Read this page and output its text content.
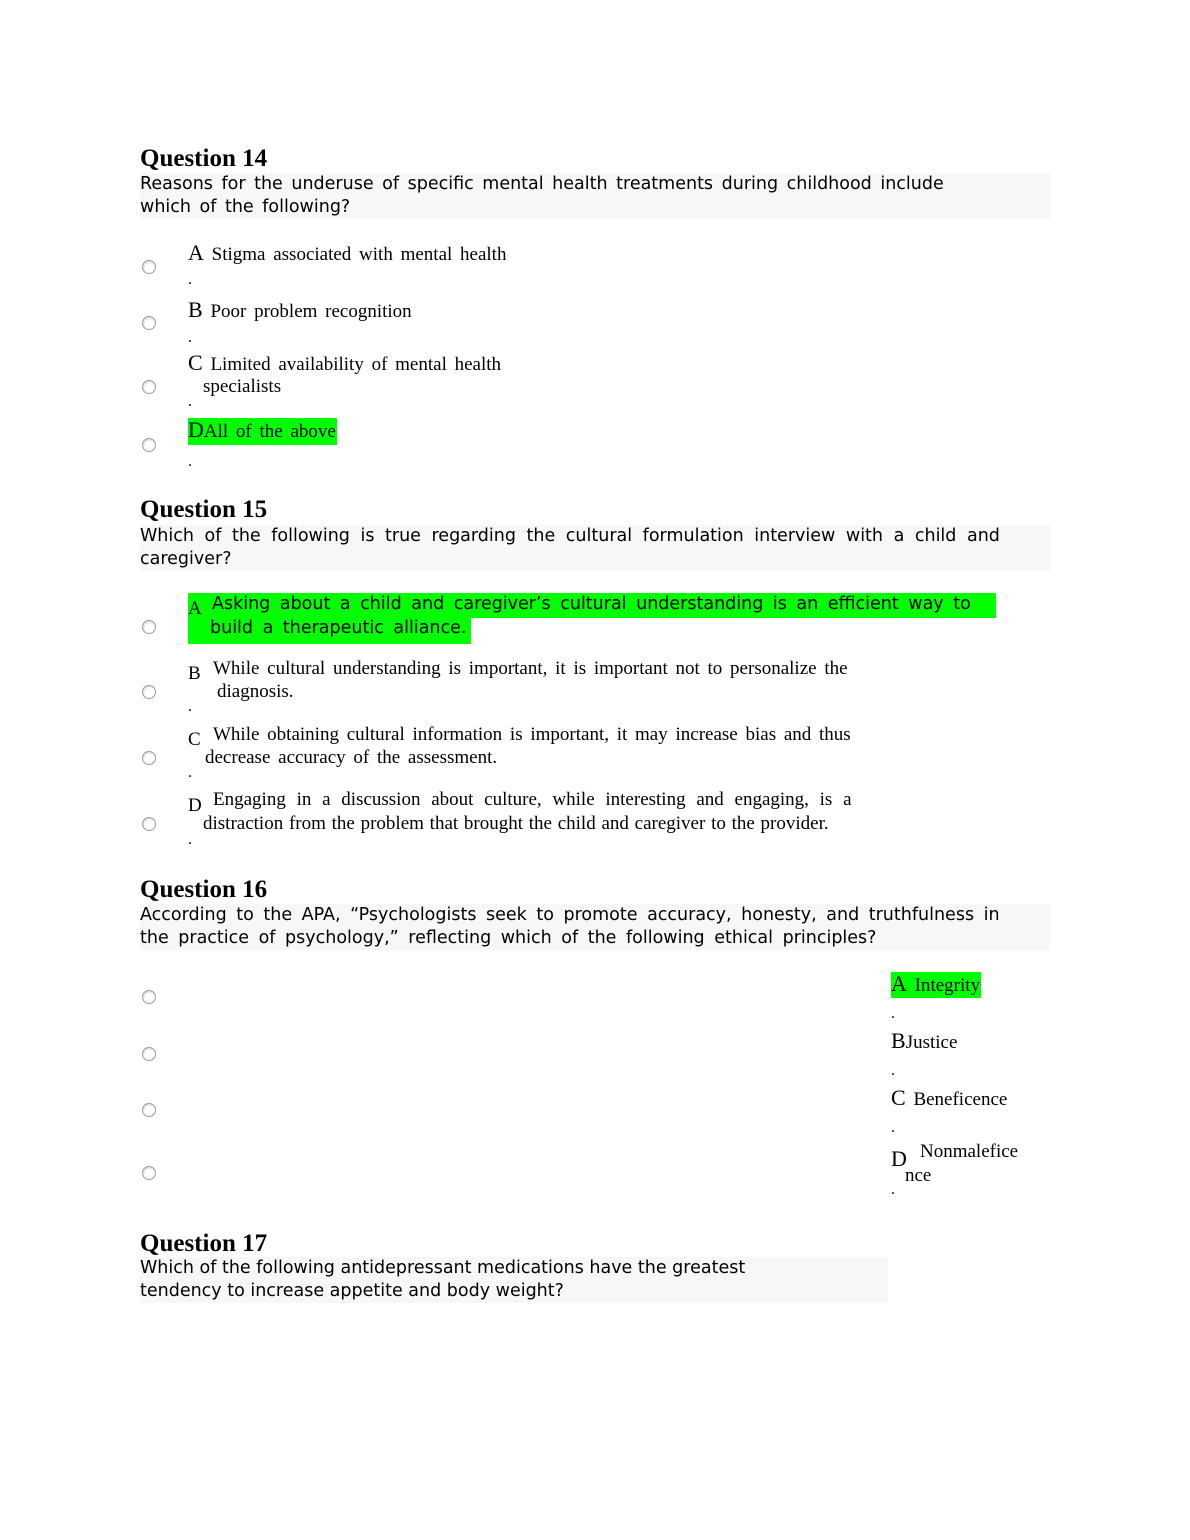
Question 14
Reasons for the underuse of specific mental health treatments during childhood include
which of the following?
A Stigma associated with mental health
.
B Poor problem recognition
.
C Limited availability of mental health
specialists
.
DAll of the above
.
Question 15
Which of the following is true regarding the cultural formulation interview with a child and
caregiver?
A Asking about a child and caregiver’s cultural understanding is an efficient way to
build a therapeutic alliance.
B While cultural understanding is important, it is important not to personalize the
diagnosis.
.
C While obtaining cultural information is important, it may increase bias and thus
decrease accuracy of the assessment.
.
D Engaging in a discussion about culture, while interesting and engaging, is a
distraction from the problem that brought the child and caregiver to the provider.
.
Question 16
According to the APA, “Psychologists seek to promote accuracy, honesty, and truthfulness in
the practice of psychology,” reflecting which of the following ethical principles?
A Integrity
.
BJustice
.
C Beneficence
.
D Nonmalefice
nce
.
Question 17
Which of the following antidepressant medications have the greatest
tendency to increase appetite and body weight?
